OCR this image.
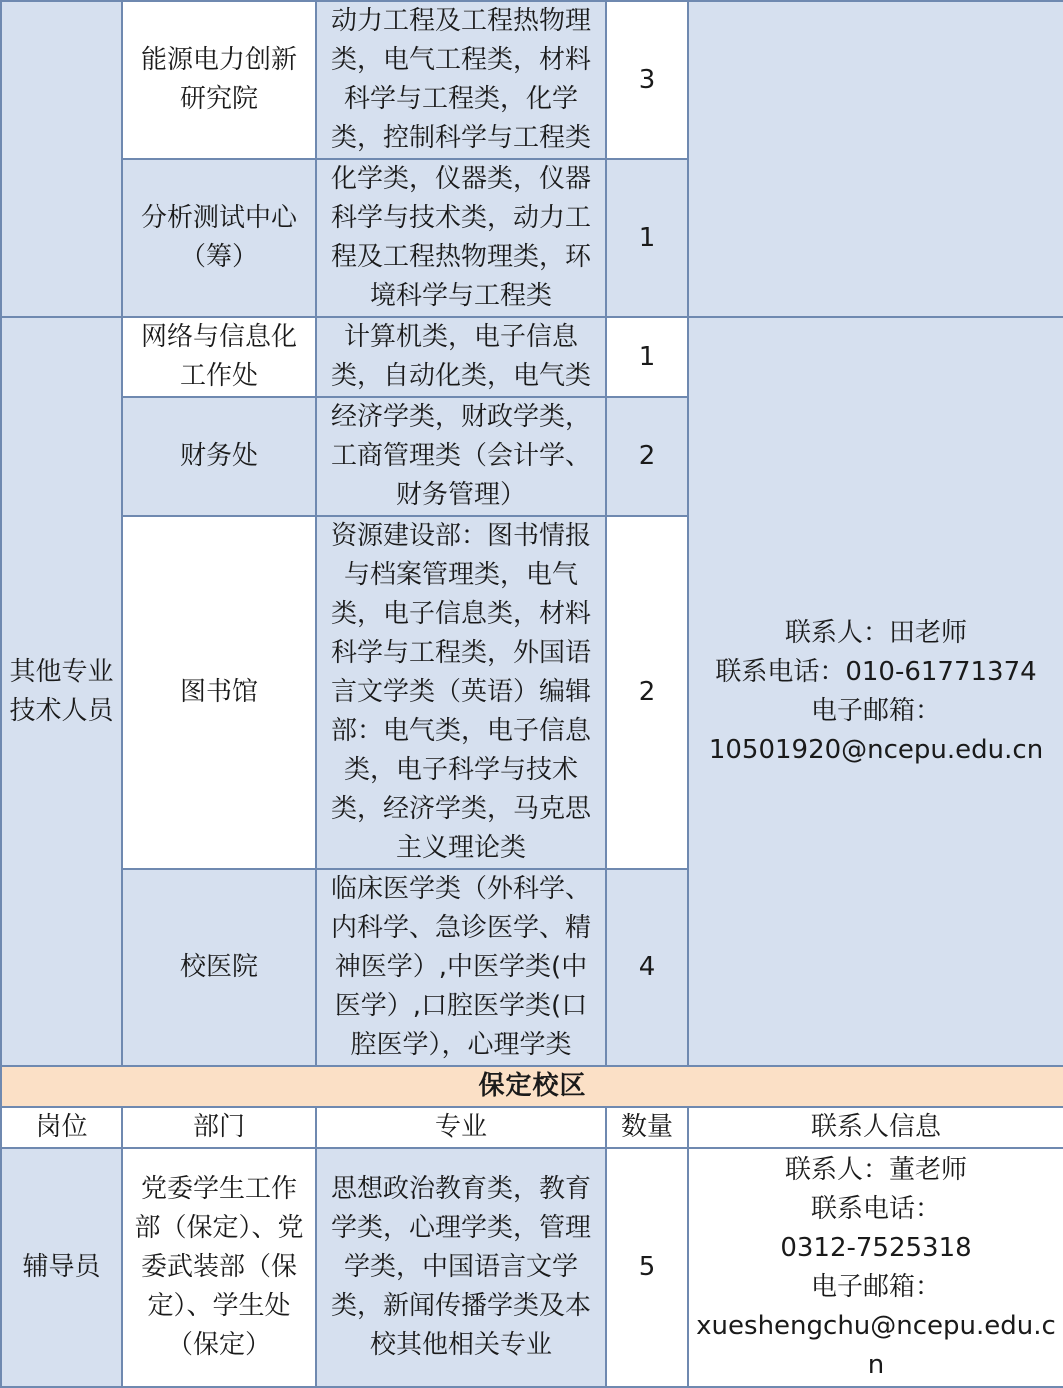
	能源电力创新研究院	动力工程及工程热物理类，电气工程类，材料科学与工程类，化学类，控制科学与工程类	3	
	分析测试中心（筹）	化学类，仪器类，仪器科学与技术类，动力工程及工程热物理类，环境科学与工程类	1	
其他专业技术人员	网络与信息化工作处	计算机类，电子信息类，自动化类，电气类	1	联系人：田老师
联系电话：010-61771374
电子邮箱：
10501920@ncepu.edu.cn

	财务处	经济学类，财政学类，工商管理类（会计学、财务管理）	2	
	图书馆	资源建设部：图书情报与档案管理类，电气类，电子信息类，材料科学与工程类，外国语言文学类（英语）编辑部：电气类，电子信息类，电子科学与技术类，经济学类，马克思主义理论类	2	
	校医院	临床医学类（外科学、内科学、急诊医学、精神医学）,中医学类(中医学）,口腔医学类(口腔医学），心理学类	4	
保定校区				
岗位	部门	专业	数量	联系人信息
辅导员	党委学生工作部（保定）、党委武装部（保定）、学生处（保定）	思想政治教育类，教育学类，心理学类，管理学类，中国语言文学类，新闻传播学类及本校其他相关专业	5	联系人：董老师
联系电话：
0312-7525318
电子邮箱：
xueshengchu@ncepu.edu.cn
